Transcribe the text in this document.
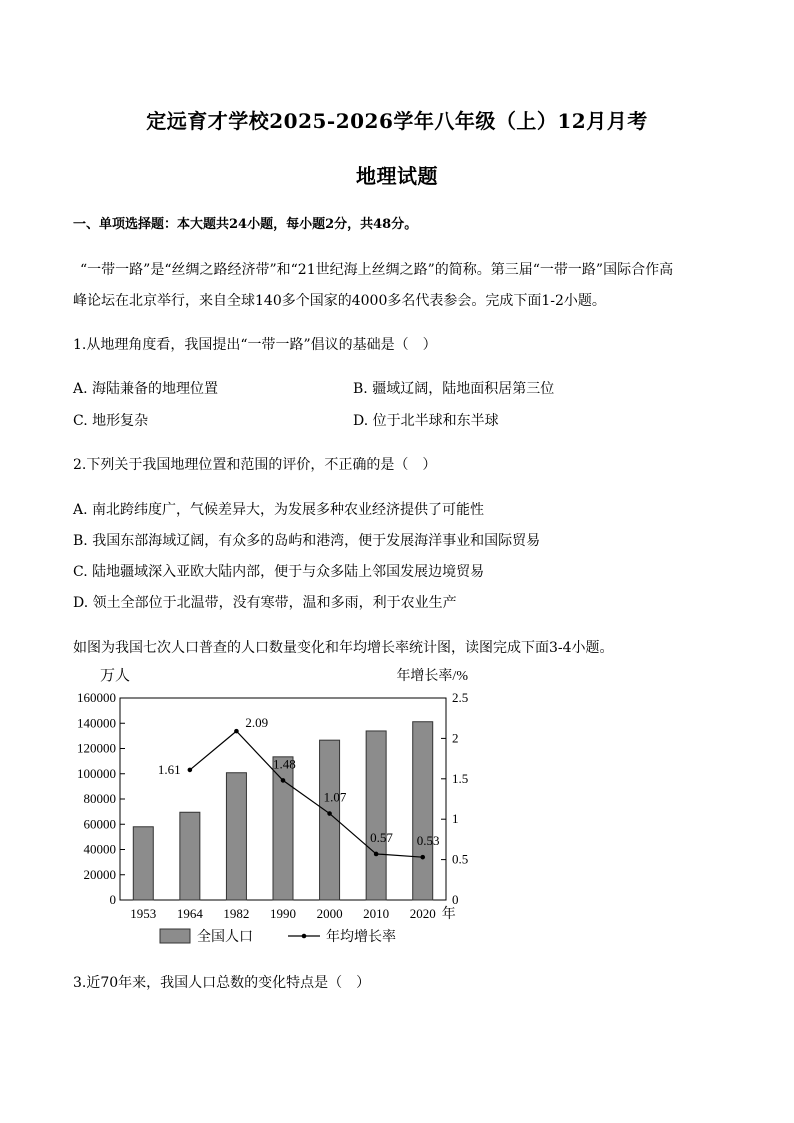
定远育才学校2025-2026学年八年级（上）12月月考
地理试题
一、单项选择题：本大题共24小题，每小题2分，共48分。
“一带一路”是“丝绸之路经济带”和“21世纪海上丝绸之路”的简称。第三届“一带一路”国际合作高
峰论坛在北京举行，来自全球140多个国家的4000多名代表参会。完成下面1-2小题。
1.从地理角度看，我国提出“一带一路”倡议的基础是（　）
A. 海陆兼备的地理位置	B. 疆域辽阔，陆地面积居第三位
C. 地形复杂	D. 位于北半球和东半球
2.下列关于我国地理位置和范围的评价，不正确的是（　）
A. 南北跨纬度广，气候差异大，为发展多种农业经济提供了可能性
B. 我国东部海域辽阔，有众多的岛屿和港湾，便于发展海洋事业和国际贸易
C. 陆地疆域深入亚欧大陆内部，便于与众多陆上邻国发展边境贸易
D. 领土全部位于北温带，没有寒带，温和多雨，利于农业生产
如图为我国七次人口普查的人口数量变化和年均增长率统计图，读图完成下面3-4小题。
万人	年增长率/%
0
20000
40000
60000
80000
100000
120000
140000
160000
0
0.5
1
1.5
2
2.5
1953 1964 1982 1990 2000 2010 2020 年
1.61
2.09
1.48
1.07
0.57 0.53
全国人口	年均增长率
3.近70年来，我国人口总数的变化特点是（　）
